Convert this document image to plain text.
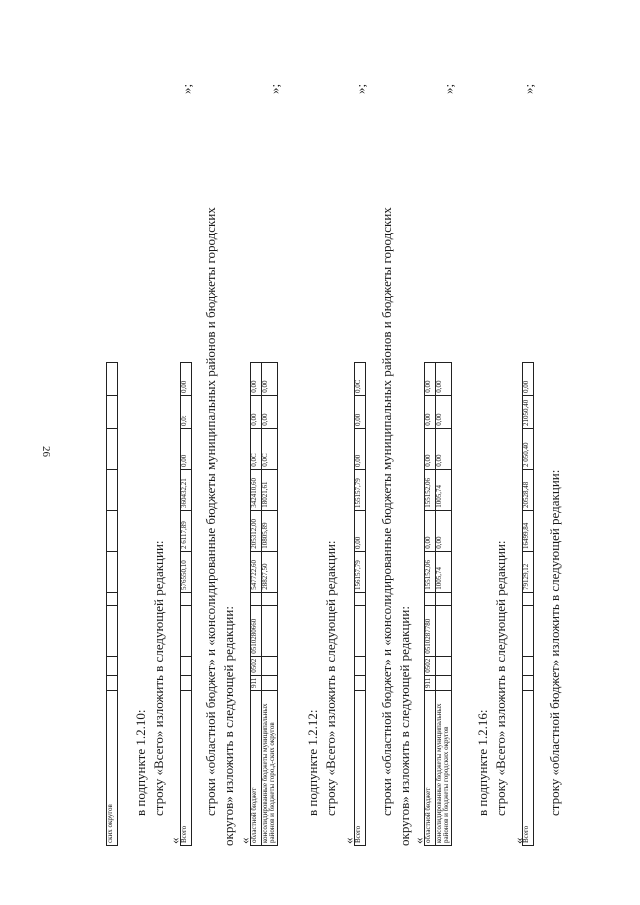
26
ских округов										
в подпункте 1.2.10: строку «Всего» изложить в следующей редакции:
«
Всего					576550,10	2 6117,89	360432,21	0,00	0,0:	0,00
»;
строки «областной бюджет» и «консолидированные бюджеты муниципальных районов и бюджеты городских округов» изложить в следующей редакции: «
областной бюджет	911	0502	0510280660		547722,60	205312,00	342410,60	0,0C	0,00	0,00
консолидированные бюджеты муниципальных районов и бюджеты горо,д-ских округов					28827,50	10805,89	18021,61	0,0C	0,00	0,00
»;
в подпункте 1.2.12: строку «Всего» изложить в следующей редакции:
«
Всего					156157,79	0,00	155157,79	0,00	0,00	0,0C
»;
строки «областной бюджет» и «консолидированные бюджеты муниципальных районов и бюджеты городских округов» изложить в следующей редакции: «
областной бюджет	911	0502	0510287780		155152,06	0,00	155152,06	0,00	0,00	0,00
консолидированные бюджеты муниципальных районов и бюджеты городских округов					1005,74	0,00	1005,74	0,00	0,00	0,00
»;
в подпункте 1.2.16: строку «Всего» изложить в следующей редакции:
«
Всего					79129,12	16499,84	20528,48	2 050,40	21050,40	0,00
»;
строку «областной бюджет» изложить в следующей редакции:
